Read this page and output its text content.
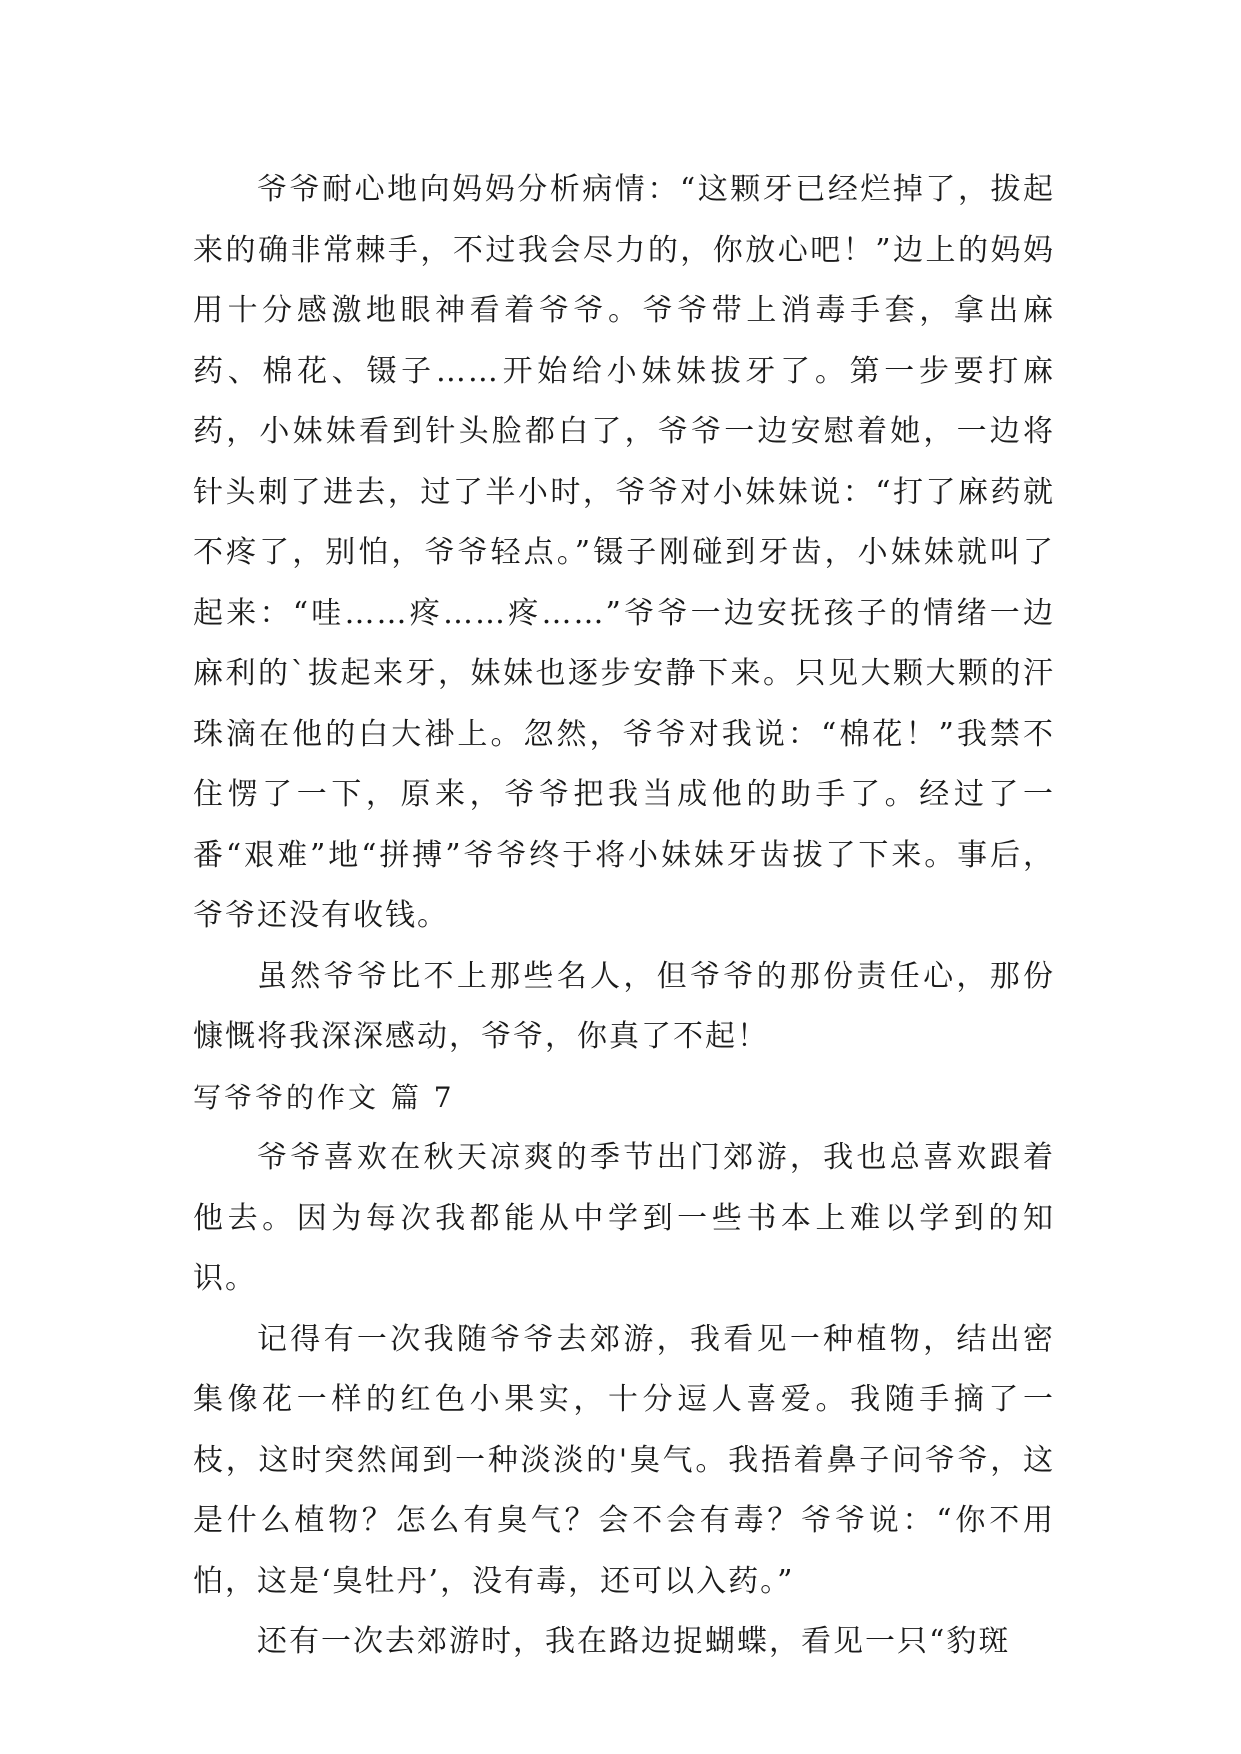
爷爷耐心地向妈妈分析病情：“这颗牙已经烂掉了，拔起来的确非常棘手，不过我会尽力的，你放心吧！”边上的妈妈用十分感激地眼神看着爷爷。爷爷带上消毒手套，拿出麻药、棉花、镊子……开始给小妹妹拔牙了。第一步要打麻药，小妹妹看到针头脸都白了，爷爷一边安慰着她，一边将针头刺了进去，过了半小时，爷爷对小妹妹说：“打了麻药就不疼了，别怕，爷爷轻点。”镊子刚碰到牙齿，小妹妹就叫了起来：“哇……疼……疼……”爷爷一边安抚孩子的情绪一边麻利的`拔起来牙，妹妹也逐步安静下来。只见大颗大颗的汗珠滴在他的白大褂上。忽然，爷爷对我说：“棉花！”我禁不住愣了一下，原来，爷爷把我当成他的助手了。经过了一番“艰难”地“拼搏”爷爷终于将小妹妹牙齿拔了下来。事后，爷爷还没有收钱。

虽然爷爷比不上那些名人，但爷爷的那份责任心，那份慷慨将我深深感动，爷爷，你真了不起！

写爷爷的作文 篇 7

爷爷喜欢在秋天凉爽的季节出门郊游，我也总喜欢跟着他去。因为每次我都能从中学到一些书本上难以学到的知识。

记得有一次我随爷爷去郊游，我看见一种植物，结出密集像花一样的红色小果实，十分逗人喜爱。我随手摘了一枝，这时突然闻到一种淡淡的'臭气。我捂着鼻子问爷爷，这是什么植物？怎么有臭气？会不会有毒？爷爷说：“你不用怕，这是‘臭牡丹’，没有毒，还可以入药。”

还有一次去郊游时，我在路边捉蝴蝶，看见一只“豹斑
